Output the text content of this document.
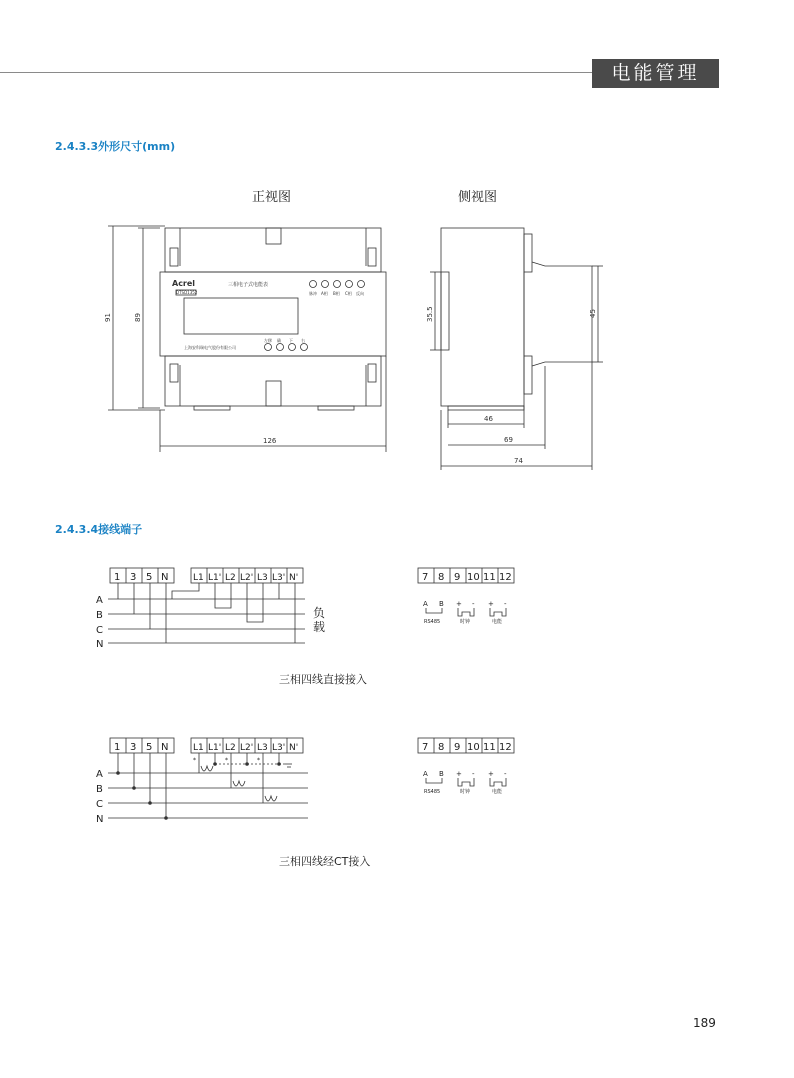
电能管理
2.4.3.3外形尺寸(mm)
正视图	侧视图
Acrel
DTSD1352
三相电子式电能表
脉冲 A相 B相 C相 反向
左移 确 下 右
上海安科瑞电气股份有限公司
126
91	89	35.5	45
46
69
74
2.4.3.4接线端子
1 3 5 N	L1 L1' L2 L2' L3 L3' N'
A
B
C
N
负
载
7 8 9 10 11 12
A B + - + -
RS485	时钟	电能
1 3 5 N	L1 L1' L2 L2' L3 L3' N'
A
B
C
N
*	*	*
7 8 9 10 11 12
A B + - + -
RS485	时钟	电能
三相四线直接接入
三相四线经CT接入
189
